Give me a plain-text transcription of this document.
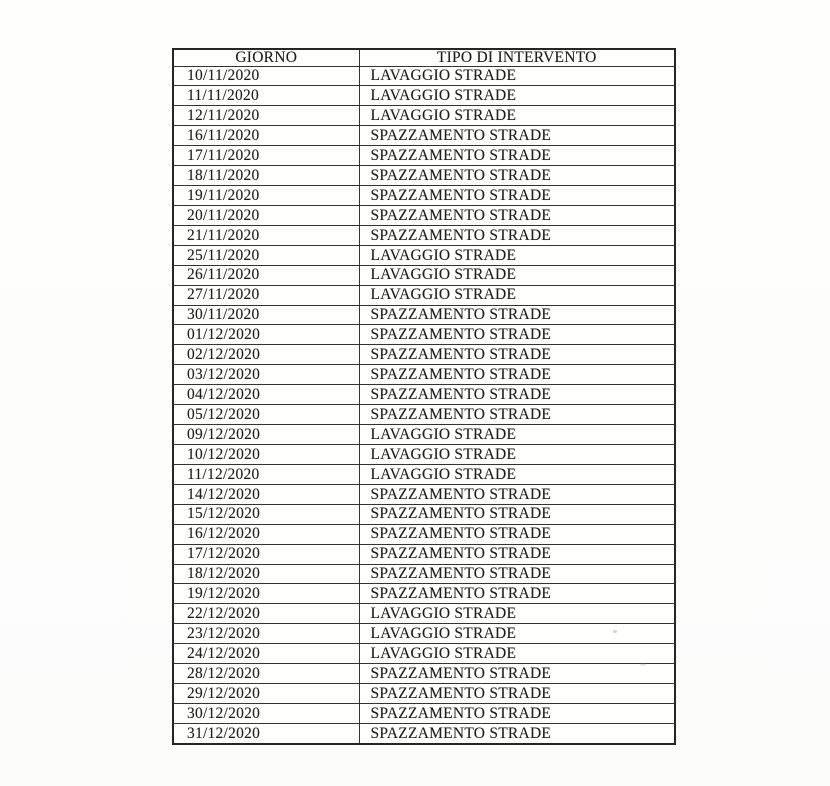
GIORNO	TIPO DI INTERVENTO
10/11/2020	LAVAGGIO STRADE
11/11/2020	LAVAGGIO STRADE
12/11/2020	LAVAGGIO STRADE
16/11/2020	SPAZZAMENTO STRADE
17/11/2020	SPAZZAMENTO STRADE
18/11/2020	SPAZZAMENTO STRADE
19/11/2020	SPAZZAMENTO STRADE
20/11/2020	SPAZZAMENTO STRADE
21/11/2020	SPAZZAMENTO STRADE
25/11/2020	LAVAGGIO STRADE
26/11/2020	LAVAGGIO STRADE
27/11/2020	LAVAGGIO STRADE
30/11/2020	SPAZZAMENTO STRADE
01/12/2020	SPAZZAMENTO STRADE
02/12/2020	SPAZZAMENTO STRADE
03/12/2020	SPAZZAMENTO STRADE
04/12/2020	SPAZZAMENTO STRADE
05/12/2020	SPAZZAMENTO STRADE
09/12/2020	LAVAGGIO STRADE
10/12/2020	LAVAGGIO STRADE
11/12/2020	LAVAGGIO STRADE
14/12/2020	SPAZZAMENTO STRADE
15/12/2020	SPAZZAMENTO STRADE
16/12/2020	SPAZZAMENTO STRADE
17/12/2020	SPAZZAMENTO STRADE
18/12/2020	SPAZZAMENTO STRADE
19/12/2020	SPAZZAMENTO STRADE
22/12/2020	LAVAGGIO STRADE
23/12/2020	LAVAGGIO STRADE
24/12/2020	LAVAGGIO STRADE
28/12/2020	SPAZZAMENTO STRADE
29/12/2020	SPAZZAMENTO STRADE
30/12/2020	SPAZZAMENTO STRADE
31/12/2020	SPAZZAMENTO STRADE
